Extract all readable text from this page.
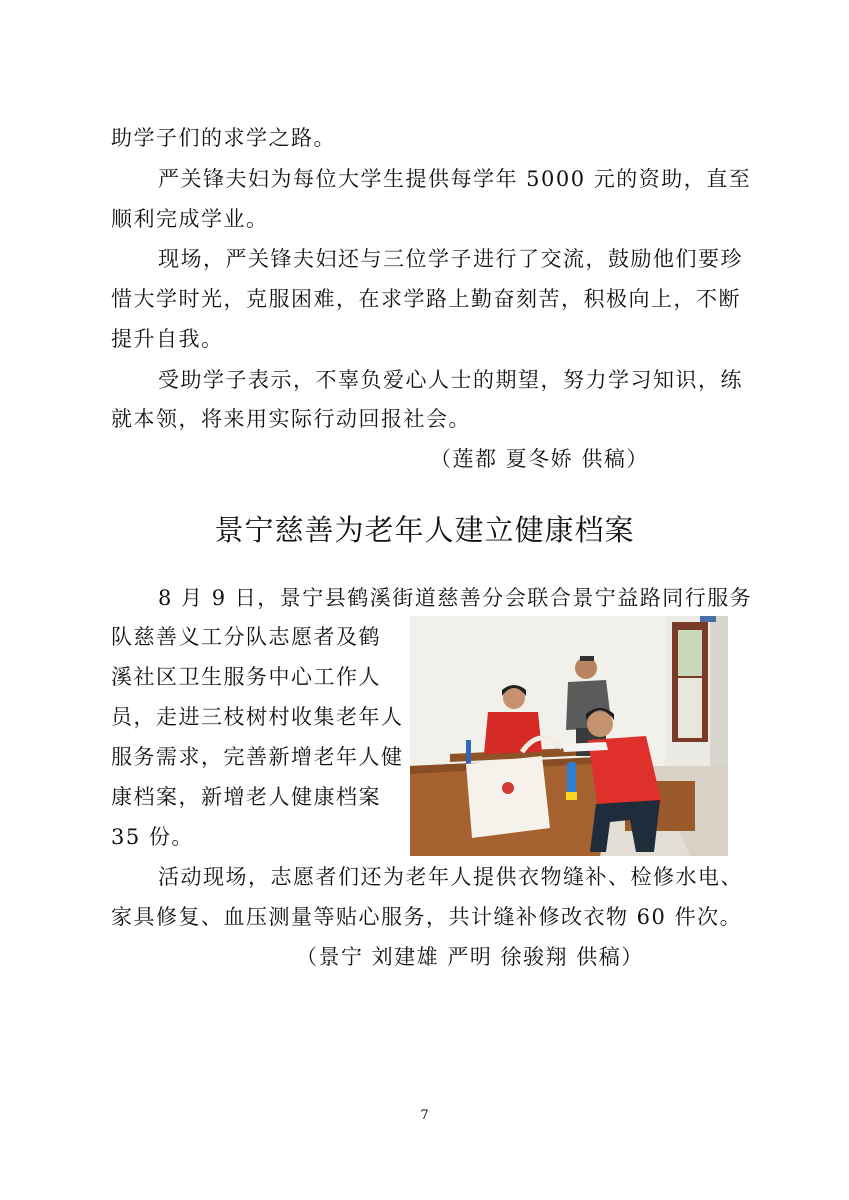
助学子们的求学之路。
严关锋夫妇为每位大学生提供每学年 5000 元的资助，直至
顺利完成学业。
现场，严关锋夫妇还与三位学子进行了交流，鼓励他们要珍
惜大学时光，克服困难，在求学路上勤奋刻苦，积极向上，不断
提升自我。
受助学子表示，不辜负爱心人士的期望，努力学习知识，练
就本领，将来用实际行动回报社会。
（莲都 夏冬娇 供稿）
景宁慈善为老年人建立健康档案
8 月 9 日，景宁县鹤溪街道慈善分会联合景宁益路同行服务
队慈善义工分队志愿者及鹤
溪社区卫生服务中心工作人
员，走进三枝树村收集老年人
服务需求，完善新增老年人健
康档案，新增老人健康档案
35 份。
活动现场，志愿者们还为老年人提供衣物缝补、检修水电、
家具修复、血压测量等贴心服务，共计缝补修改衣物 60 件次。
（景宁 刘建雄 严明 徐骏翔 供稿）
7
